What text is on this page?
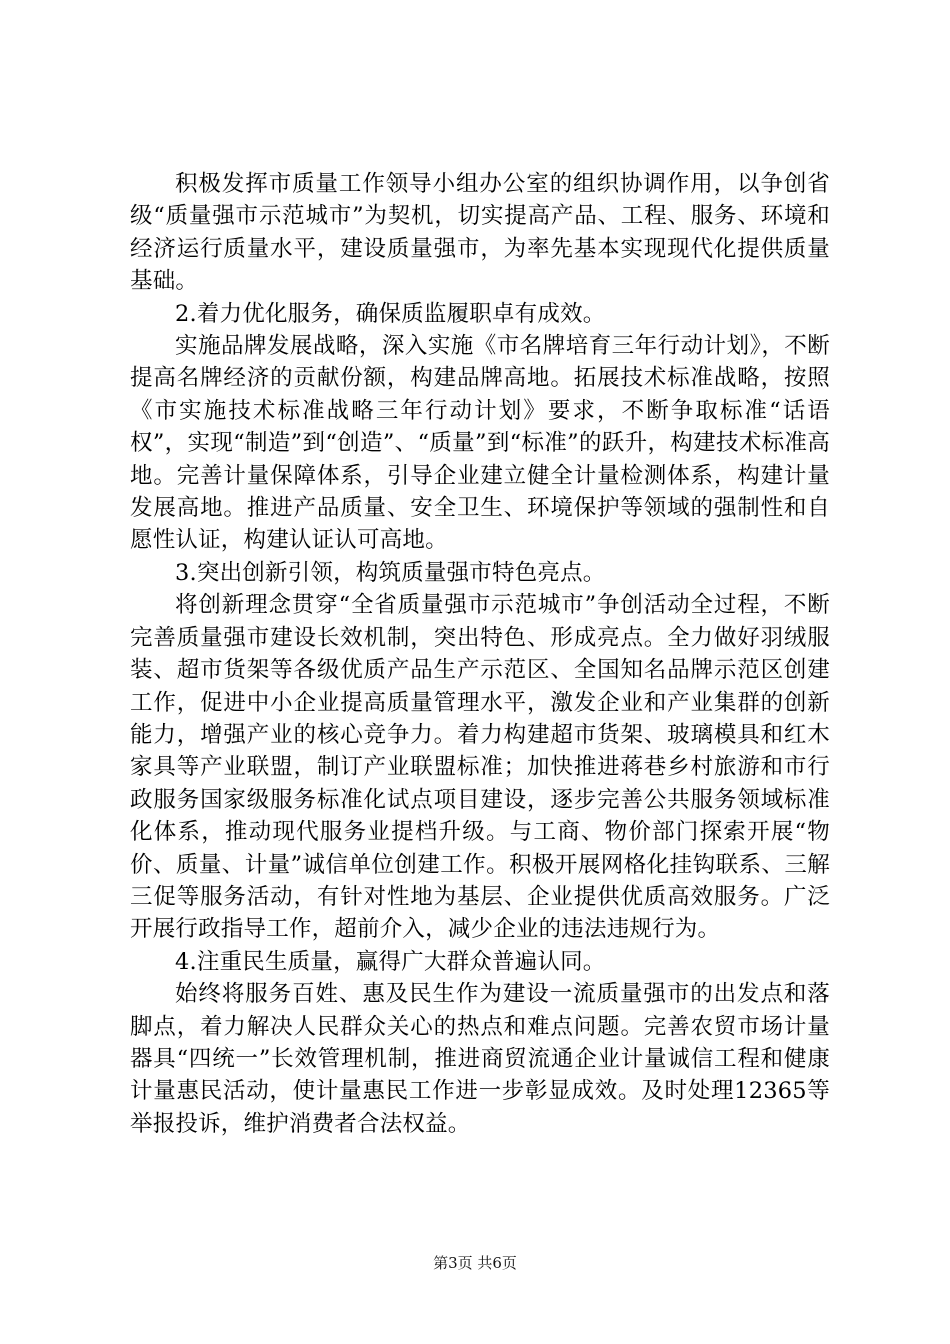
积极发挥市质量工作领导小组办公室的组织协调作用，以争创省级“质量强市示范城市”为契机，切实提高产品、工程、服务、环境和经济运行质量水平，建设质量强市，为率先基本实现现代化提供质量基础。

2.着力优化服务，确保质监履职卓有成效。

实施品牌发展战略，深入实施《市名牌培育三年行动计划》，不断提高名牌经济的贡献份额，构建品牌高地。拓展技术标准战略，按照《市实施技术标准战略三年行动计划》要求，不断争取标准“话语权”，实现“制造”到“创造”、“质量”到“标准”的跃升，构建技术标准高地。完善计量保障体系，引导企业建立健全计量检测体系，构建计量发展高地。推进产品质量、安全卫生、环境保护等领域的强制性和自愿性认证，构建认证认可高地。

3.突出创新引领，构筑质量强市特色亮点。

将创新理念贯穿“全省质量强市示范城市”争创活动全过程，不断完善质量强市建设长效机制，突出特色、形成亮点。全力做好羽绒服装、超市货架等各级优质产品生产示范区、全国知名品牌示范区创建工作，促进中小企业提高质量管理水平，激发企业和产业集群的创新能力，增强产业的核心竞争力。着力构建超市货架、玻璃模具和红木家具等产业联盟，制订产业联盟标准；加快推进蒋巷乡村旅游和市行政服务国家级服务标准化试点项目建设，逐步完善公共服务领域标准化体系，推动现代服务业提档升级。与工商、物价部门探索开展“物价、质量、计量”诚信单位创建工作。积极开展网格化挂钩联系、三解三促等服务活动，有针对性地为基层、企业提供优质高效服务。广泛开展行政指导工作，超前介入，减少企业的违法违规行为。

4.注重民生质量，赢得广大群众普遍认同。

始终将服务百姓、惠及民生作为建设一流质量强市的出发点和落脚点，着力解决人民群众关心的热点和难点问题。完善农贸市场计量器具“四统一”长效管理机制，推进商贸流通企业计量诚信工程和健康计量惠民活动，使计量惠民工作进一步彰显成效。及时处理12365等举报投诉，维护消费者合法权益。

第3页 共6页
